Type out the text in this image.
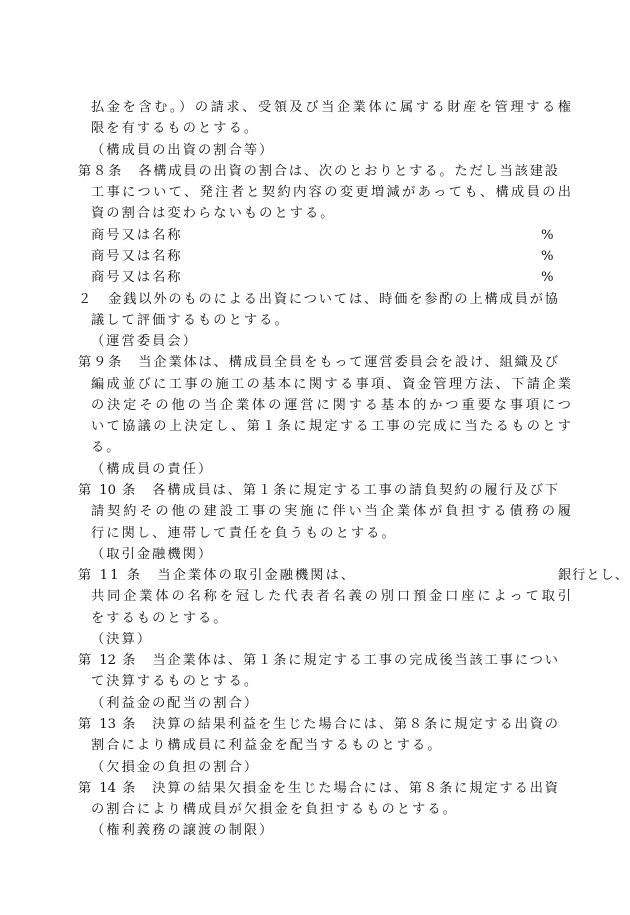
払金を含む。）の請求、受領及び当企業体に属する財産を管理する権
限を有するものとする。
（構成員の出資の割合等）
第８条　各構成員の出資の割合は、次のとおりとする。ただし当該建設
工事について、発注者と契約内容の変更増減があっても、構成員の出
資の割合は変わらないものとする。
商号又は名称	%
商号又は名称	%
商号又は名称	%
２　金銭以外のものによる出資については、時価を参酌の上構成員が協
議して評価するものとする。
（運営委員会）
第９条　当企業体は、構成員全員をもって運営委員会を設け、組織及び
編成並びに工事の施工の基本に関する事項、資金管理方法、下請企業
の決定その他の当企業体の運営に関する基本的かつ重要な事項につ
いて協議の上決定し、第１条に規定する工事の完成に当たるものとす
る。
（構成員の責任）
第 10 条　各構成員は、第１条に規定する工事の請負契約の履行及び下
請契約その他の建設工事の実施に伴い当企業体が負担する債務の履
行に関し、連帯して責任を負うものとする。
（取引金融機関）
第 11 条　当企業体の取引金融機関は、	銀行とし、
共同企業体の名称を冠した代表者名義の別口預金口座によって取引
をするものとする。
（決算）
第 12 条　当企業体は、第１条に規定する工事の完成後当該工事につい
て決算するものとする。
（利益金の配当の割合）
第 13 条　決算の結果利益を生じた場合には、第８条に規定する出資の
割合により構成員に利益金を配当するものとする。
（欠損金の負担の割合）
第 14 条　決算の結果欠損金を生じた場合には、第８条に規定する出資
の割合により構成員が欠損金を負担するものとする。
（権利義務の譲渡の制限）
